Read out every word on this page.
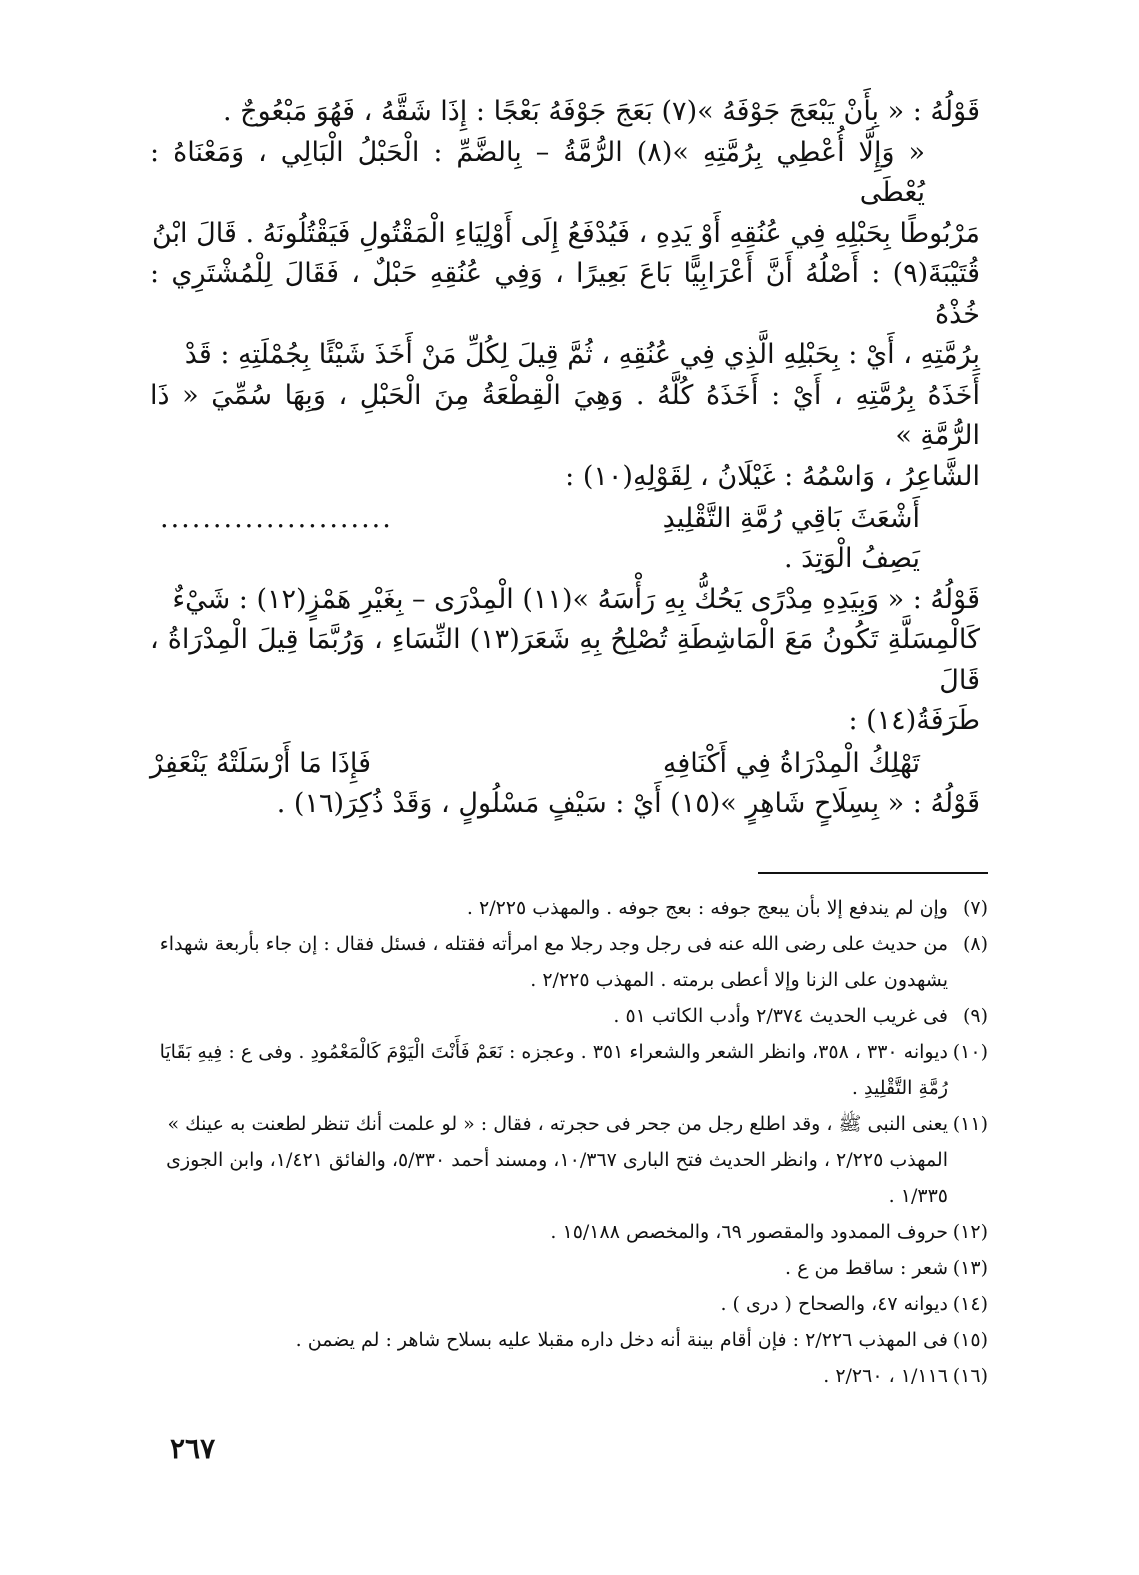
قَوْلُهُ : « بِأَنْ يَبْعَجَ جَوْفَهُ »(٧) بَعَجَ جَوْفَهُ بَعْجًا : إِذَا شَقَّهُ ، فَهُوَ مَبْعُوجٌ .

« وَإِلَّا أُعْطِي بِرُمَّتِهِ »(٨) الرُّمَّةُ – بِالضَّمِّ : الْحَبْلُ الْبَالِي ، وَمَعْنَاهُ : يُعْطَى

مَرْبُوطًا بِحَبْلِهِ فِي عُنُقِهِ أَوْ يَدِهِ ، فَيُدْفَعُ إِلَى أَوْلِيَاءِ الْمَقْتُولِ فَيَقْتُلُونَهُ . قَالَ ابْنُ

قُتَيْبَةَ(٩) : أَصْلُهُ أَنَّ أَعْرَابِيًّا بَاعَ بَعِيرًا ، وَفِي عُنُقِهِ حَبْلٌ ، فَقَالَ لِلْمُشْتَرِي : خُذْهُ

بِرُمَّتِهِ ، أَيْ : بِحَبْلِهِ الَّذِي فِي عُنُقِهِ ، ثُمَّ قِيلَ لِكُلِّ مَنْ أَخَذَ شَيْئًا بِجُمْلَتِهِ : قَدْ

أَخَذَهُ بِرُمَّتِهِ ، أَيْ : أَخَذَهُ كُلَّهُ . وَهِيَ الْقِطْعَةُ مِنَ الْحَبْلِ ، وَبِهَا سُمِّيَ « ذَا الرُّمَّةِ »

الشَّاعِرُ ، وَاسْمُهُ : غَيْلَانُ ، لِقَوْلِهِ(١٠) :

أَشْعَثَ بَاقِي رُمَّةِ التَّقْلِيدِ
......................

يَصِفُ الْوَتِدَ .

قَوْلُهُ : « وَبِيَدِهِ مِدْرًى يَحُكُّ بِهِ رَأْسَهُ »(١١) الْمِدْرَى – بِغَيْرِ هَمْزٍ(١٢) : شَيْءٌ

كَالْمِسَلَّةِ تَكُونُ مَعَ الْمَاشِطَةِ تُصْلِحُ بِهِ شَعَرَ(١٣) النِّسَاءِ ، وَرُبَّمَا قِيلَ الْمِدْرَاةُ ، قَالَ

طَرَفَةُ(١٤) :

تَهْلِكُ الْمِدْرَاةُ فِي أَكْنَافِهِ
فَإِذَا مَا أَرْسَلَتْهُ يَنْعَفِرْ

قَوْلُهُ : « بِسِلَاحٍ شَاهِرٍ »(١٥) أَيْ : سَيْفٍ مَسْلُولٍ ، وَقَدْ ذُكِرَ(١٦) .

(٧)
وإن لم يندفع إلا بأن يبعج جوفه : بعج جوفه . والمهذب ٢/٢٢٥ .
(٨)
من حديث على رضى الله عنه فى رجل وجد رجلا مع امرأته فقتله ، فسئل فقال : إن جاء بأربعة شهداء يشهدون على الزنا وإلا أعطى برمته . المهذب ٢/٢٢٥ .
(٩)
فى غريب الحديث ٢/٣٧٤ وأدب الكاتب ٥١ .
(١٠)
ديوانه ٣٣٠ ، ٣٥٨، وانظر الشعر والشعراء ٣٥١ . وعجزه : نَعَمْ فَأَنْتَ الْيَوْمَ كَالْمَعْمُودِ . وفى ع : فِيهِ بَقَايَا رُمَّةِ التَّقْلِيدِ .
(١١)
يعنى النبى ﷺ ، وقد اطلع رجل من جحر فى حجرته ، فقال : « لو علمت أنك تنظر لطعنت به عينك » المهذب ٢/٢٢٥ ، وانظر الحديث فتح البارى ١٠/٣٦٧، ومسند أحمد ٥/٣٣٠، والفائق ١/٤٢١، وابن الجوزى ١/٣٣٥ .
(١٢)
حروف الممدود والمقصور ٦٩، والمخصص ١٥/١٨٨ .
(١٣)
شعر : ساقط من ع .
(١٤)
ديوانه ٤٧، والصحاح ( درى ) .
(١٥)
فى المهذب ٢/٢٢٦ : فإن أقام بينة أنه دخل داره مقبلا عليه بسلاح شاهر : لم يضمن .
(١٦)
١/١١٦ ، ٢/٢٦٠ .
٢٦٧
